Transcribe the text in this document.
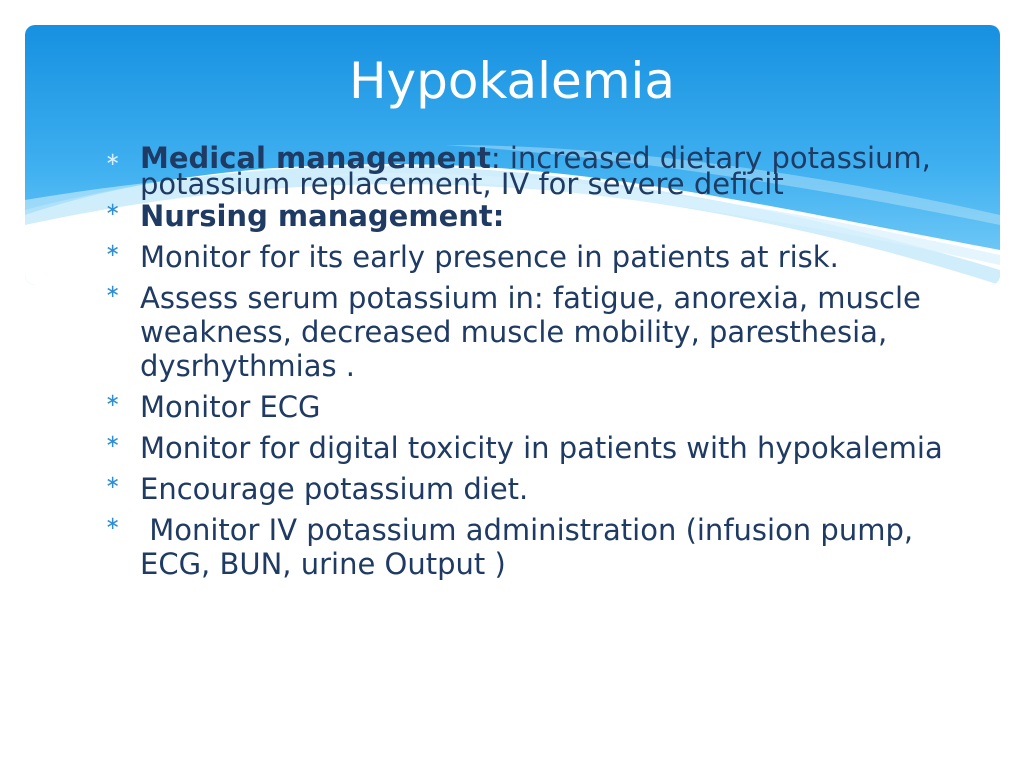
Hypokalemia
∗ Medical management: increased dietary potassium, potassium replacement, IV for severe deficit
∗ Nursing management:
∗ Monitor for its early presence in patients at risk.
∗ Assess serum potassium in: fatigue, anorexia, muscle weakness, decreased muscle mobility, paresthesia, dysrhythmias .
∗ Monitor ECG
∗ Monitor for digital toxicity in patients with hypokalemia
∗ Encourage potassium diet.
∗ Monitor IV potassium administration (infusion pump, ECG, BUN, urine Output )
